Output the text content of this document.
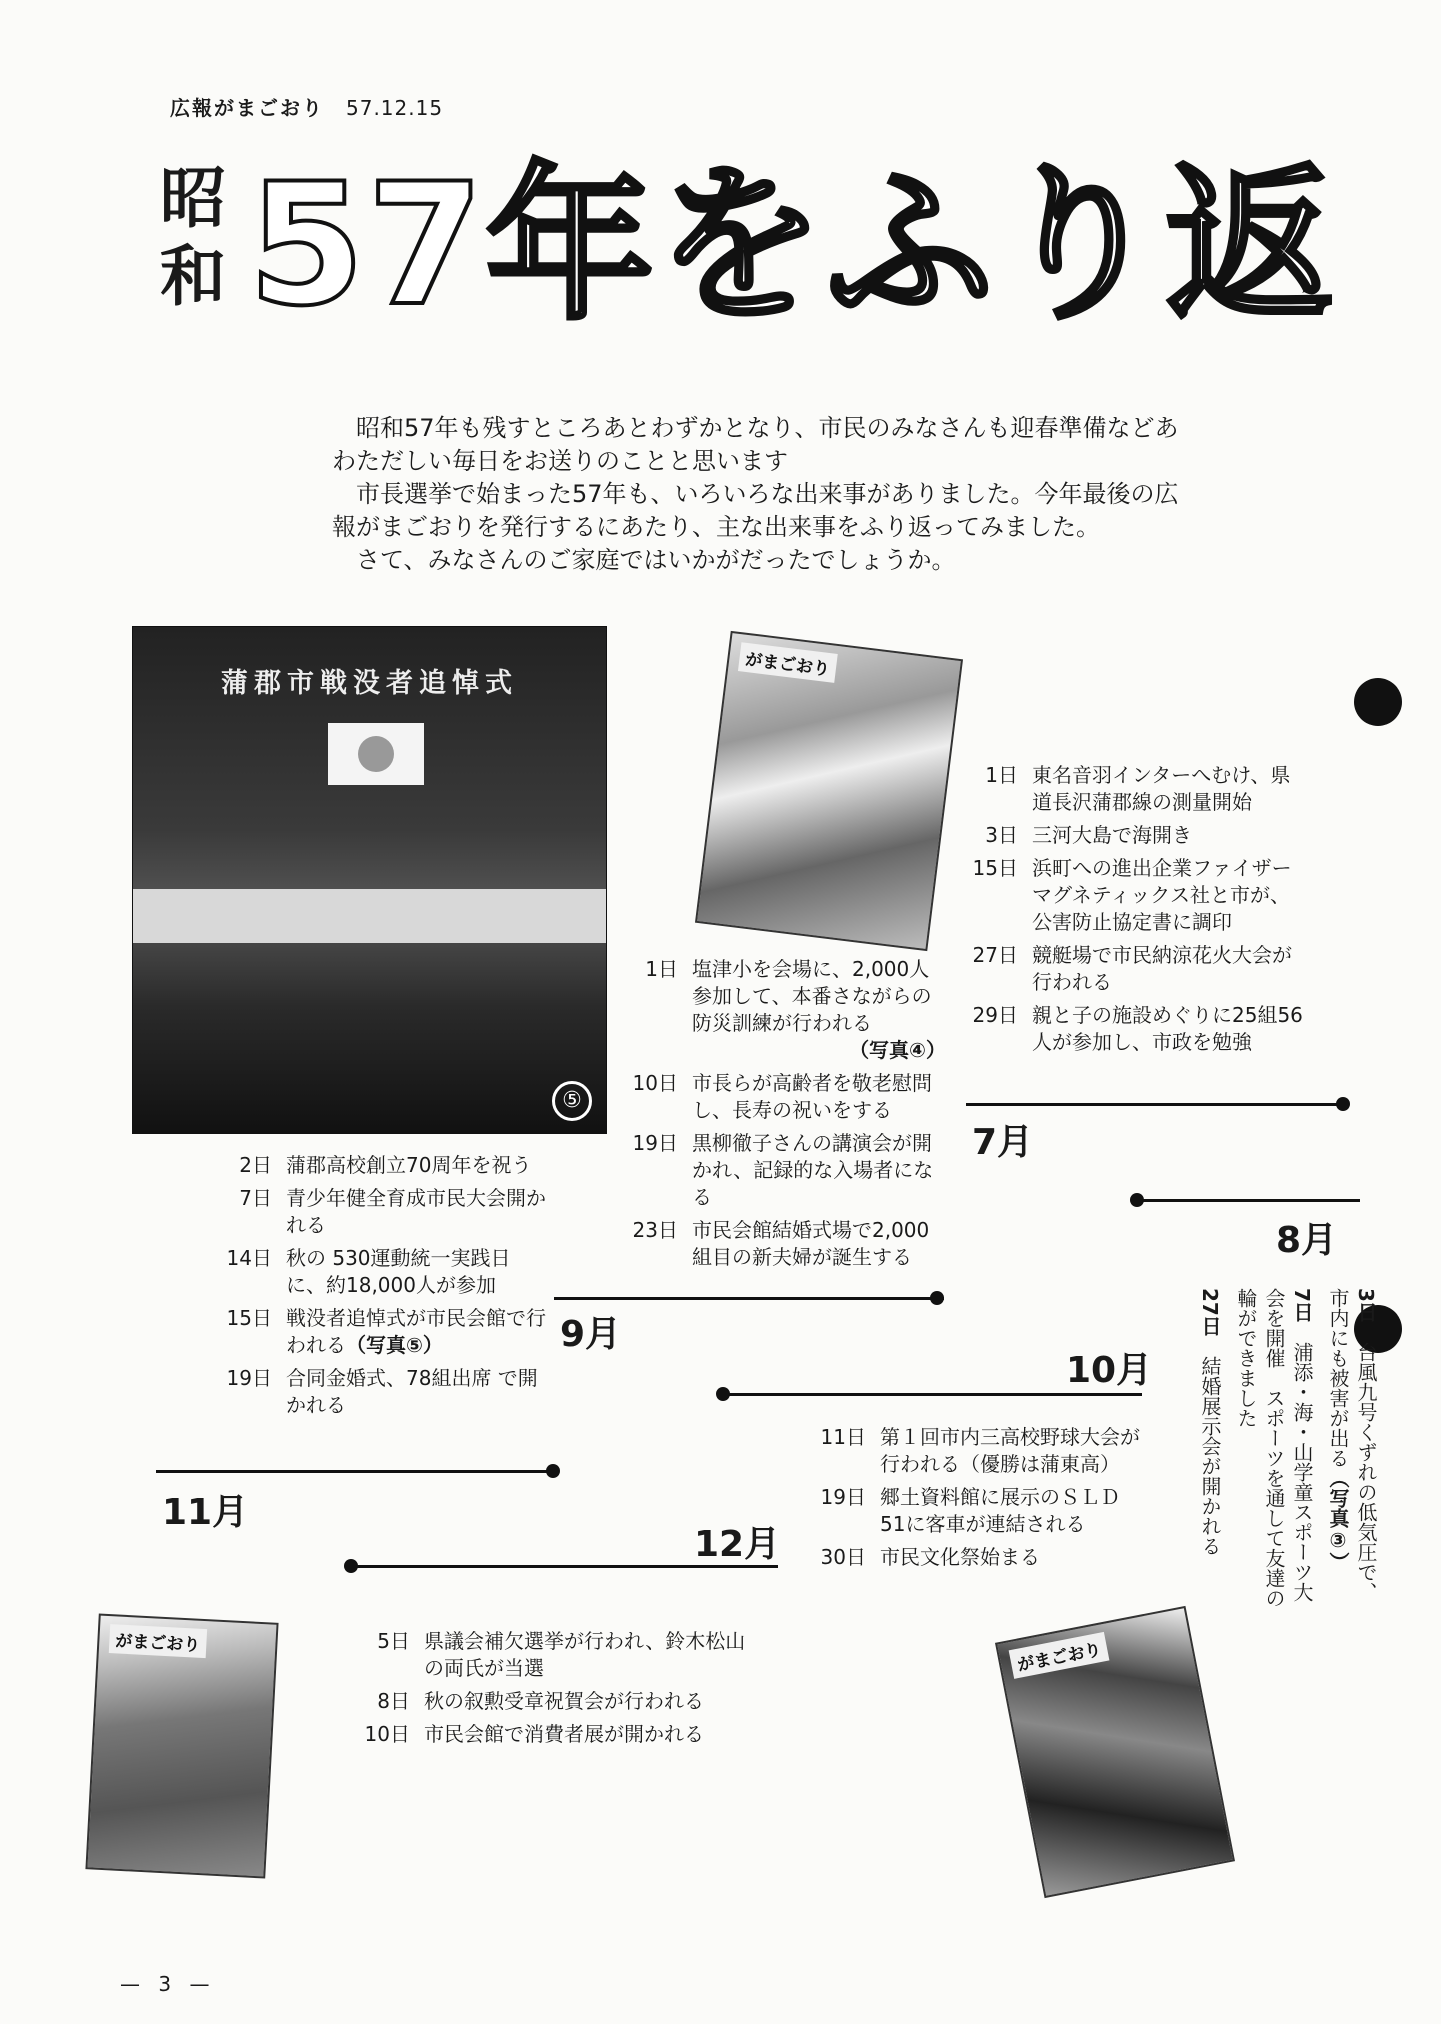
広報がまごおり 57.12.15
昭和 57年をふり返

昭和57年も残すところあとわずかとなり、市民のみなさんも迎春準備などあわただしい毎日をお送りのことと思います

市長選挙で始まった57年も、いろいろな出来事がありました。今年最後の広報がまごおりを発行するにあたり、主な出来事をふり返ってみました。

さて、みなさんのご家庭ではいかがだったでしょうか。

蒲郡市戦没者追悼式
⑤
がまごおり
がまごおり	がまごおり
1日 東名音羽インターへむけ、県道長沢蒲郡線の測量開始
3日 三河大島で海開き
15日 浜町への進出企業ファイザーマグネティックス社と市が、公害防止協定書に調印
27日 競艇場で市民納涼花火大会が行われる
29日 親と子の施設めぐりに25組56人が参加し、市政を勉強
7月
1日 塩津小を会場に、2,000人参加して、本番さながらの防災訓練が行われる

（写真④）
10日 市長らが高齢者を敬老慰問し、長寿の祝いをする
19日 黒柳徹子さんの講演会が開かれ、記録的な入場者になる
23日 市民会館結婚式場で2,000組目の新夫婦が誕生する
9月
8月
3日　台風九号くずれの低気圧で、市内にも被害が出る（写真③）
7日　浦添・海・山学童スポーツ大会を開催　スポーツを通して友達の輪ができました
27日　結婚展示会が開かれる
10月
11日 第１回市内三高校野球大会が行われる（優勝は蒲東高）
19日 郷土資料館に展示のＳＬＤ51に客車が連結される
30日 市民文化祭始まる
2日 蒲郡高校創立70周年を祝う
7日 青少年健全育成市民大会開かれる
14日 秋の 530運動統一実践日に、約18,000人が参加
15日 戦没者追悼式が市民会館で行われる（写真⑤）
19日 合同金婚式、78組出席 で開かれる
11月
12月
5日 県議会補欠選挙が行われ、鈴木松山の両氏が当選
8日 秋の叙勲受章祝賀会が行われる
10日 市民会館で消費者展が開かれる
— 3 —
